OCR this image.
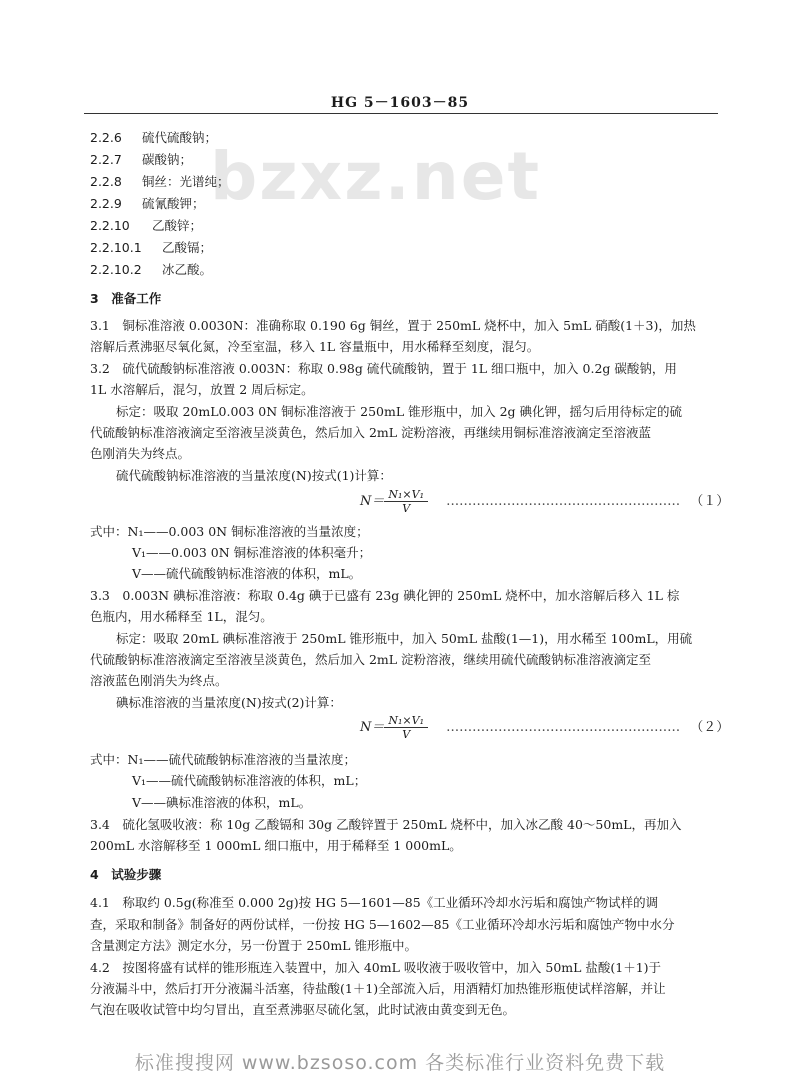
bzxz.net
HG 5－1603－85
2.2.6 硫代硫酸钠；
2.2.7 碳酸钠；
2.2.8 铜丝：光谱纯；
2.2.9 硫氰酸钾；
2.2.10 乙酸锌；
2.2.10.1 乙酸镉；
2.2.10.2 冰乙酸。
3　准备工作
3.1　铜标准溶液 0.0030N：准确称取 0.190 6g 铜丝，置于 250mL 烧杯中，加入 5mL 硝酸(1＋3)，加热
溶解后煮沸驱尽氧化氮，冷至室温，移入 1L 容量瓶中，用水稀释至刻度，混匀。
3.2　硫代硫酸钠标准溶液 0.003N：称取 0.98g 硫代硫酸钠，置于 1L 细口瓶中，加入 0.2g 碳酸钠，用
1L 水溶解后，混匀，放置 2 周后标定。
标定：吸取 20mL0.003 0N 铜标准溶液于 250mL 锥形瓶中，加入 2g 碘化钾，摇匀后用待标定的硫
代硫酸钠标准溶液滴定至溶液呈淡黄色，然后加入 2mL 淀粉溶液，再继续用铜标准溶液滴定至溶液蓝
色刚消失为终点。
硫代硫酸钠标准溶液的当量浓度(N)按式(1)计算：
$N= \frac{\text{N₁×V₁}}{V}$ ……………………………………………… （１）
式中：N₁——0.003 0N 铜标准溶液的当量浓度；
V₁——0.003 0N 铜标准溶液的体积毫升；
V——硫代硫酸钠标准溶液的体积，mL。
3.3　0.003N 碘标准溶液：称取 0.4g 碘于已盛有 23g 碘化钾的 250mL 烧杯中，加水溶解后移入 1L 棕
色瓶内，用水稀释至 1L，混匀。
标定：吸取 20mL 碘标准溶液于 250mL 锥形瓶中，加入 50mL 盐酸(1—1)，用水稀至 100mL，用硫
代硫酸钠标准溶液滴定至溶液呈淡黄色，然后加入 2mL 淀粉溶液，继续用硫代硫酸钠标准溶液滴定至
溶液蓝色刚消失为终点。
碘标准溶液的当量浓度(N)按式(2)计算：
$N= \frac{\text{N₁×V₁}}{V}$ ……………………………………………… （２）
式中：N₁——硫代硫酸钠标准溶液的当量浓度；
V₁——硫代硫酸钠标准溶液的体积，mL；
V——碘标准溶液的体积，mL。
3.4　硫化氢吸收液：称 10g 乙酸镉和 30g 乙酸锌置于 250mL 烧杯中，加入冰乙酸 40～50mL，再加入
200mL 水溶解移至 1 000mL 细口瓶中，用于稀释至 1 000mL。
4　试验步骤
4.1　称取约 0.5g(称准至 0.000 2g)按 HG 5—1601—85《工业循环冷却水污垢和腐蚀产物试样的调
查，采取和制备》制备好的两份试样，一份按 HG 5—1602—85《工业循环冷却水污垢和腐蚀产物中水分
含量测定方法》测定水分，另一份置于 250mL 锥形瓶中。
4.2　按图将盛有试样的锥形瓶连入装置中，加入 40mL 吸收液于吸收管中，加入 50mL 盐酸(1＋1)于
分液漏斗中，然后打开分液漏斗活塞，待盐酸(1＋1)全部流入后，用酒精灯加热锥形瓶使试样溶解，并让
气泡在吸收试管中均匀冒出，直至煮沸驱尽硫化氢，此时试液由黄变到无色。
标准搜搜网 www.bzsoso.com 各类标准行业资料免费下载
